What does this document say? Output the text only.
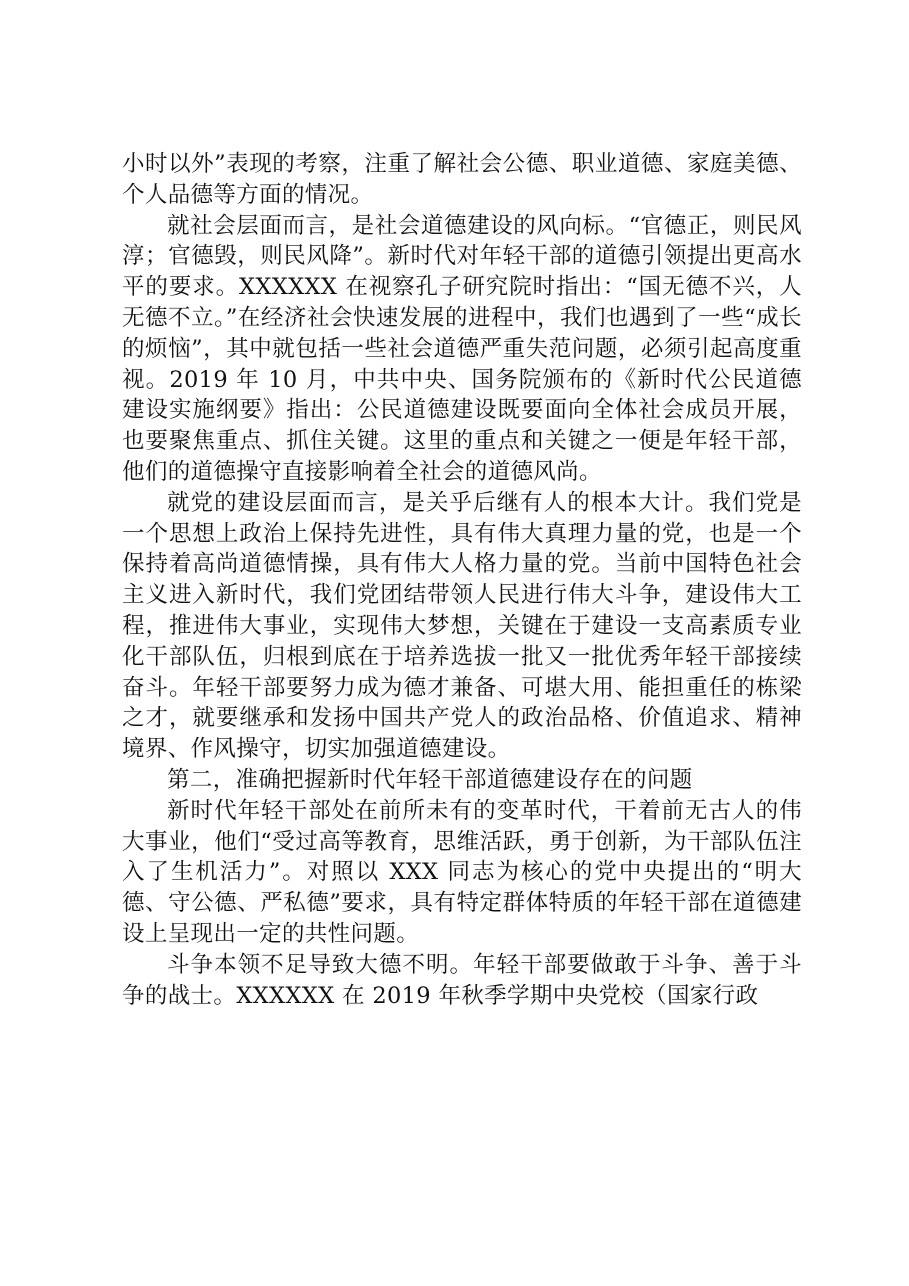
小时以外”表现的考察，注重了解社会公德、职业道德、家庭美德、个人品德等方面的情况。

就社会层面而言，是社会道德建设的风向标。“官德正，则民风淳；官德毁，则民风降”。新时代对年轻干部的道德引领提出更高水平的要求。XXXXXX 在视察孔子研究院时指出：“国无德不兴，人无德不立。”在经济社会快速发展的进程中，我们也遇到了一些“成长的烦恼”，其中就包括一些社会道德严重失范问题，必须引起高度重视。2019 年 10 月，中共中央、国务院颁布的《新时代公民道德建设实施纲要》指出：公民道德建设既要面向全体社会成员开展，也要聚焦重点、抓住关键。这里的重点和关键之一便是年轻干部，他们的道德操守直接影响着全社会的道德风尚。

就党的建设层面而言，是关乎后继有人的根本大计。我们党是一个思想上政治上保持先进性，具有伟大真理力量的党，也是一个保持着高尚道德情操，具有伟大人格力量的党。当前中国特色社会主义进入新时代，我们党团结带领人民进行伟大斗争，建设伟大工程，推进伟大事业，实现伟大梦想，关键在于建设一支高素质专业化干部队伍，归根到底在于培养选拔一批又一批优秀年轻干部接续奋斗。年轻干部要努力成为德才兼备、可堪大用、能担重任的栋梁之才，就要继承和发扬中国共产党人的政治品格、价值追求、精神境界、作风操守，切实加强道德建设。

第二，准确把握新时代年轻干部道德建设存在的问题

新时代年轻干部处在前所未有的变革时代，干着前无古人的伟大事业，他们“受过高等教育，思维活跃，勇于创新，为干部队伍注入了生机活力”。对照以 XXX 同志为核心的党中央提出的“明大德、守公德、严私德”要求，具有特定群体特质的年轻干部在道德建设上呈现出一定的共性问题。

斗争本领不足导致大德不明。年轻干部要做敢于斗争、善于斗争的战士。XXXXXX 在 2019 年秋季学期中央党校（国家行政
